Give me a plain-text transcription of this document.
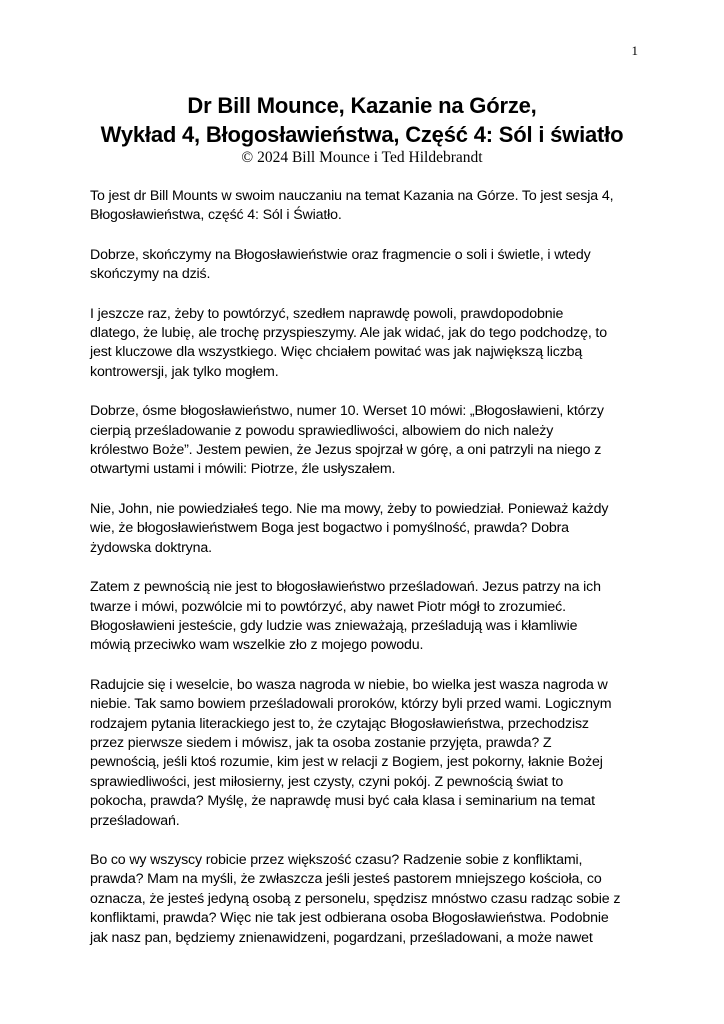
1
Dr Bill Mounce, Kazanie na Górze,
Wykład 4, Błogosławieństwa, Część 4: Sól i światło
© 2024 Bill Mounce i Ted Hildebrandt
To jest dr Bill Mounts w swoim nauczaniu na temat Kazania na Górze. To jest sesja 4,
Błogosławieństwa, część 4: Sól i Światło.
Dobrze, skończymy na Błogosławieństwie oraz fragmencie o soli i świetle, i wtedy
skończymy na dziś.
I jeszcze raz, żeby to powtórzyć, szedłem naprawdę powoli, prawdopodobnie
dlatego, że lubię, ale trochę przyspieszymy. Ale jak widać, jak do tego podchodzę, to
jest kluczowe dla wszystkiego. Więc chciałem powitać was jak największą liczbą
kontrowersji, jak tylko mogłem.
Dobrze, ósme błogosławieństwo, numer 10. Werset 10 mówi: „Błogosławieni, którzy
cierpią prześladowanie z powodu sprawiedliwości, albowiem do nich należy
królestwo Boże”. Jestem pewien, że Jezus spojrzał w górę, a oni patrzyli na niego z
otwartymi ustami i mówili: Piotrze, źle usłyszałem.
Nie, John, nie powiedziałeś tego. Nie ma mowy, żeby to powiedział. Ponieważ każdy
wie, że błogosławieństwem Boga jest bogactwo i pomyślność, prawda? Dobra
żydowska doktryna.
Zatem z pewnością nie jest to błogosławieństwo prześladowań. Jezus patrzy na ich
twarze i mówi, pozwólcie mi to powtórzyć, aby nawet Piotr mógł to zrozumieć.
Błogosławieni jesteście, gdy ludzie was znieważają, prześladują was i kłamliwie
mówią przeciwko wam wszelkie zło z mojego powodu.
Radujcie się i weselcie, bo wasza nagroda w niebie, bo wielka jest wasza nagroda w
niebie. Tak samo bowiem prześladowali proroków, którzy byli przed wami. Logicznym
rodzajem pytania literackiego jest to, że czytając Błogosławieństwa, przechodzisz
przez pierwsze siedem i mówisz, jak ta osoba zostanie przyjęta, prawda? Z
pewnością, jeśli ktoś rozumie, kim jest w relacji z Bogiem, jest pokorny, łaknie Bożej
sprawiedliwości, jest miłosierny, jest czysty, czyni pokój. Z pewnością świat to
pokocha, prawda? Myślę, że naprawdę musi być cała klasa i seminarium na temat
prześladowań.
Bo co wy wszyscy robicie przez większość czasu? Radzenie sobie z konfliktami,
prawda? Mam na myśli, że zwłaszcza jeśli jesteś pastorem mniejszego kościoła, co
oznacza, że jesteś jedyną osobą z personelu, spędzisz mnóstwo czasu radząc sobie z
konfliktami, prawda? Więc nie tak jest odbierana osoba Błogosławieństwa. Podobnie
jak nasz pan, będziemy znienawidzeni, pogardzani, prześladowani, a może nawet
